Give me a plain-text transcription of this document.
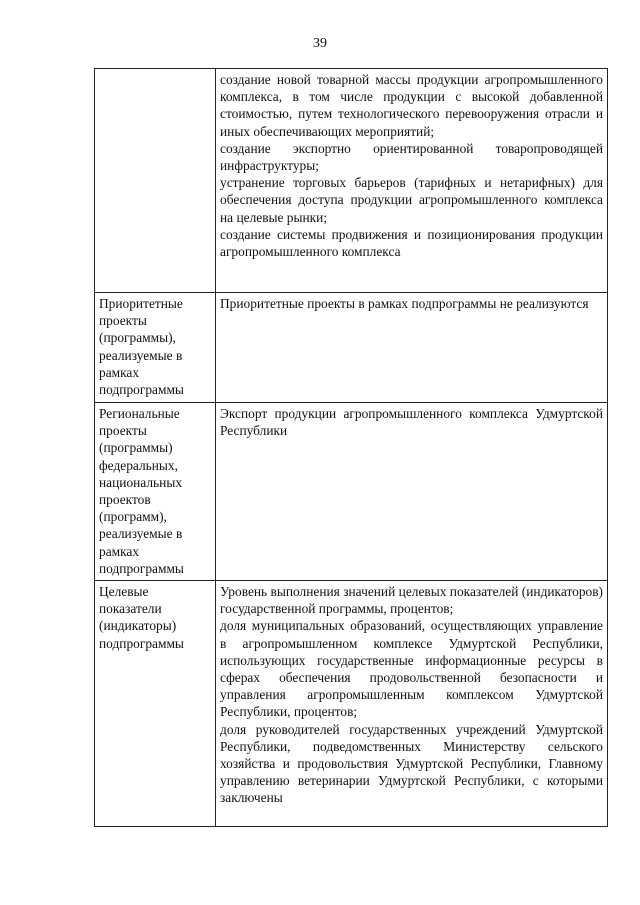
39

	создание новой товарной массы продукции агропромышленного комплекса, в том числе продукции с высокой добавленной стоимостью, путем технологического перевооружения отрасли и иных обеспечивающих мероприятий;
создание экспортно ориентированной товаропроводящей инфраструктуры;
устранение торговых барьеров (тарифных и нетарифных) для обеспечения доступа продукции агропромышленного комплекса на целевые рынки;
создание системы продвижения и позиционирования продукции агропромышленного комплекса

Приоритетные проекты (программы), реализуемые в рамках подпрограммы	Приоритетные проекты в рамках подпрограммы не реализуются

Региональные проекты (программы) федеральных, национальных проектов (программ), реализуемые в рамках подпрограммы	Экспорт продукции агропромышленного комплекса Удмуртской Республики

Целевые показатели (индикаторы) подпрограммы	Уровень выполнения значений целевых показателей (индикаторов) государственной программы, процентов;
доля муниципальных образований, осуществляющих управление в агропромышленном комплексе Удмуртской Республики, использующих государственные информационные ресурсы в сферах обеспечения продовольственной безопасности и управления агропромышленным комплексом Удмуртской Республики, процентов;
доля руководителей государственных учреждений Удмуртской Республики, подведомственных Министерству сельского хозяйства и продовольствия Удмуртской Республики, Главному управлению ветеринарии Удмуртской Республики, с которыми заключены
